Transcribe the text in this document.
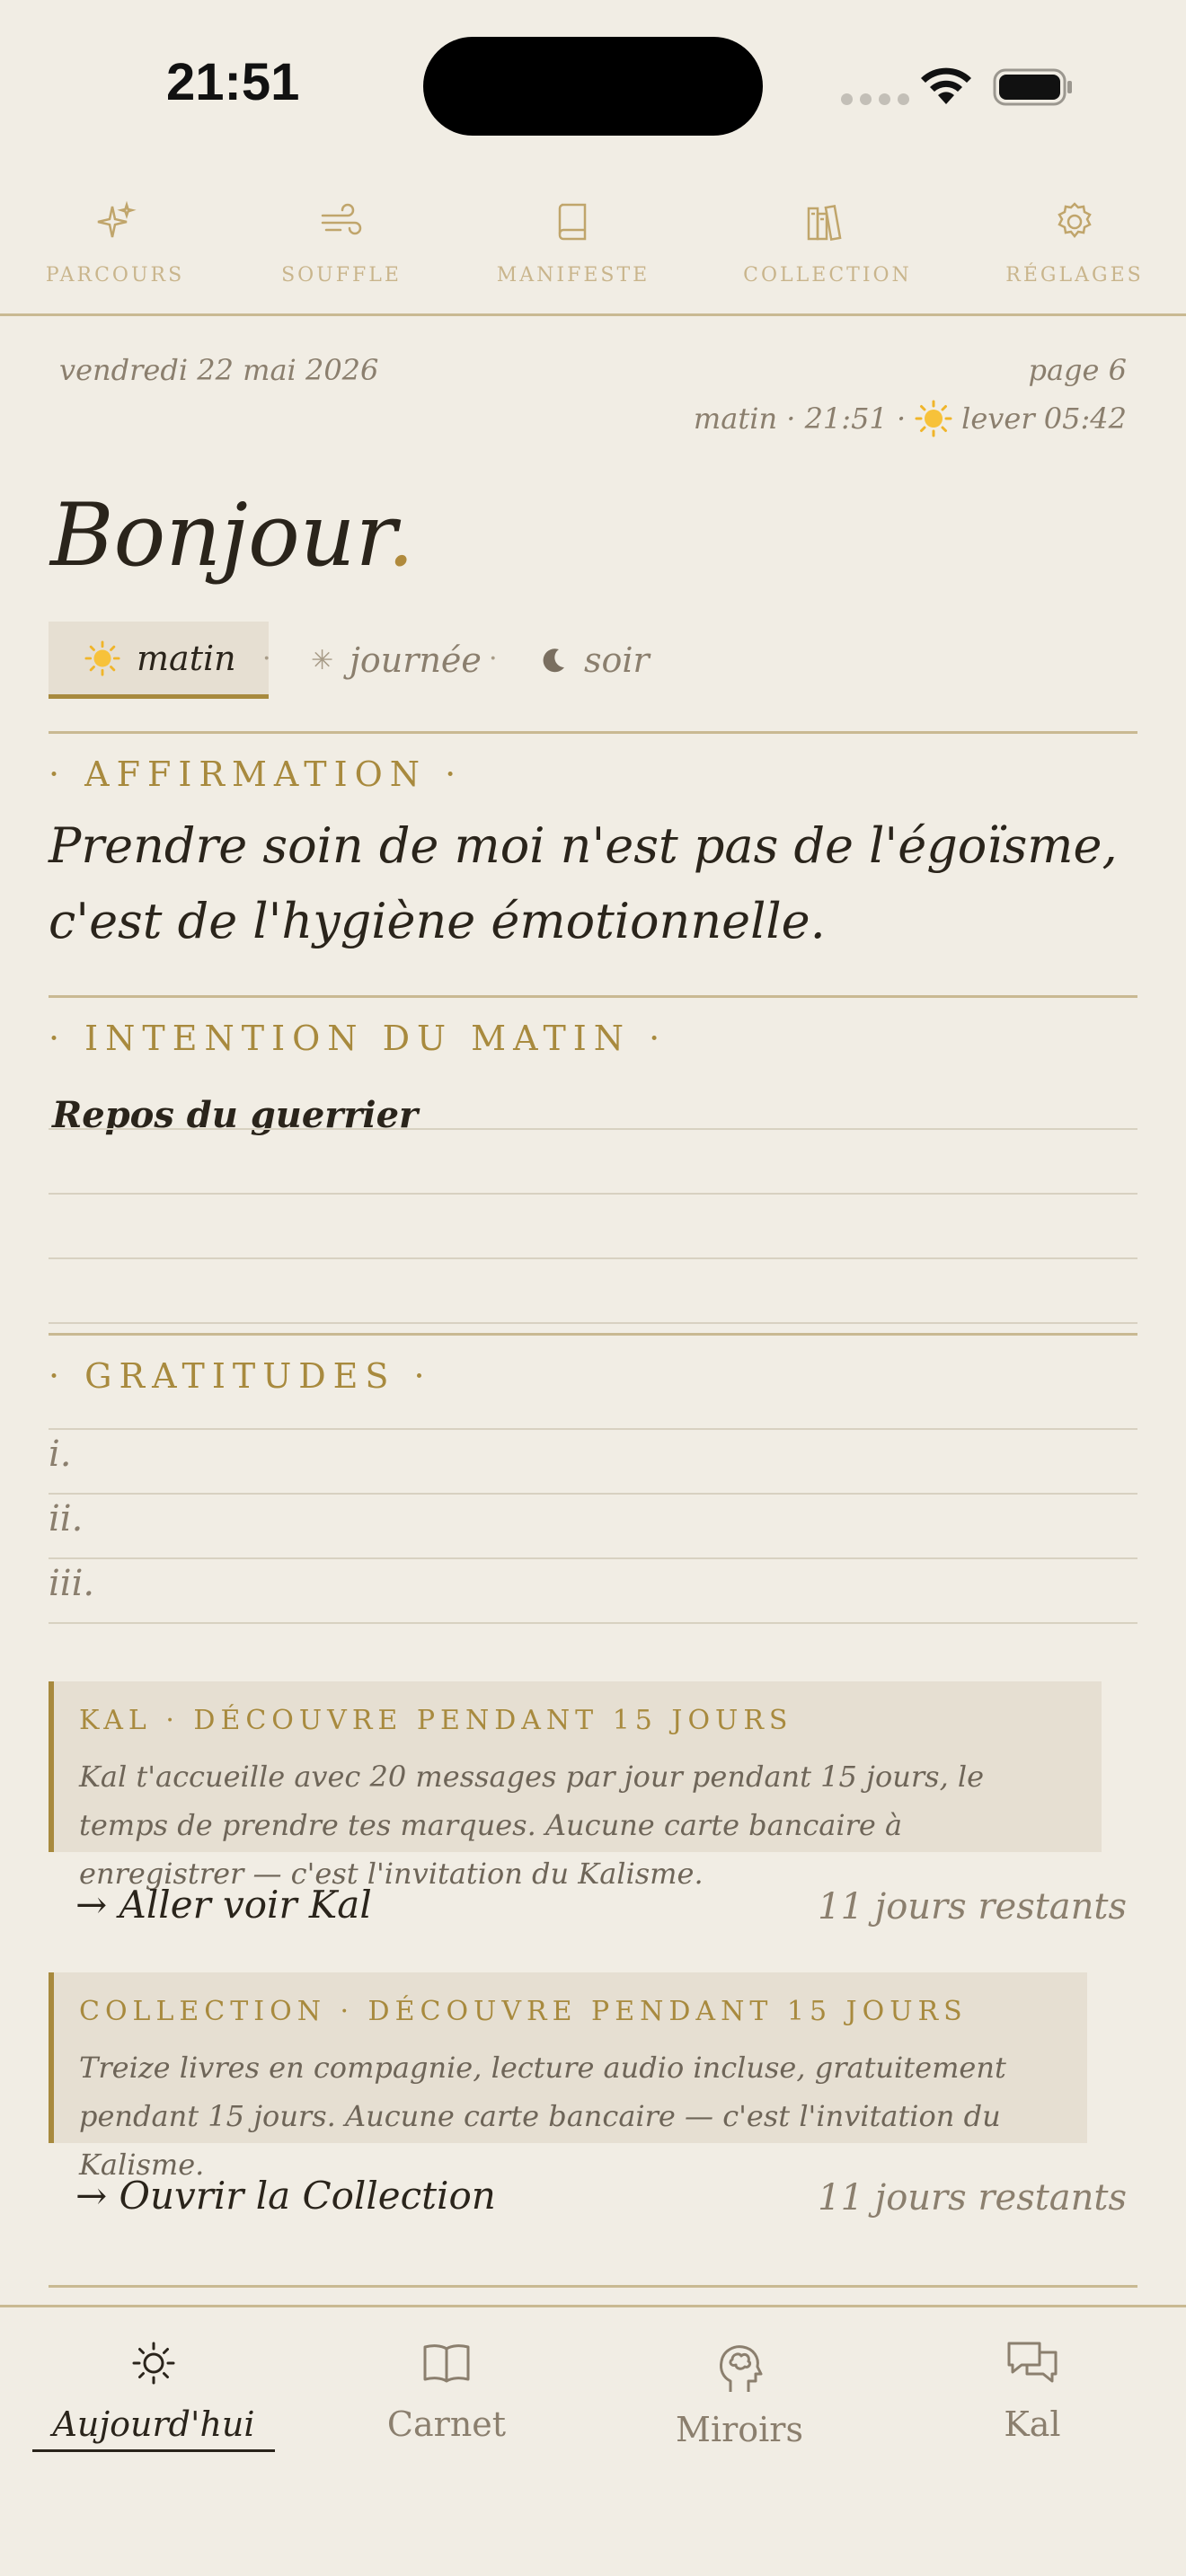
21:51
PARCOURS	SOUFFLE	MANIFESTE	COLLECTION	RÉGLAGES
vendredi 22 mai 2026	page 6
matin · 21:51 · lever 05:42
Bonjour.
matin · ✳ journée ·	soir
· AFFIRMATION ·

Prendre soin de moi n'est pas de l'égoïsme, c'est de l'hygiène émotionnelle.

· INTENTION DU MATIN ·
Repos du guerrier
· GRATITUDES ·
i.
ii.
iii.
KAL · DÉCOUVRE PENDANT 15 JOURS
Kal t'accueille avec 20 messages par jour pendant 15 jours, le temps de prendre tes marques. Aucune carte bancaire à enregistrer — c'est l'invitation du Kalisme.
→ Aller voir Kal	11 jours restants
COLLECTION · DÉCOUVRE PENDANT 15 JOURS
Treize livres en compagnie, lecture audio incluse, gratuitement pendant 15 jours. Aucune carte bancaire — c'est l'invitation du Kalisme.
→ Ouvrir la Collection	11 jours restants
Aujourd'hui	Carnet	Miroirs	Kal
